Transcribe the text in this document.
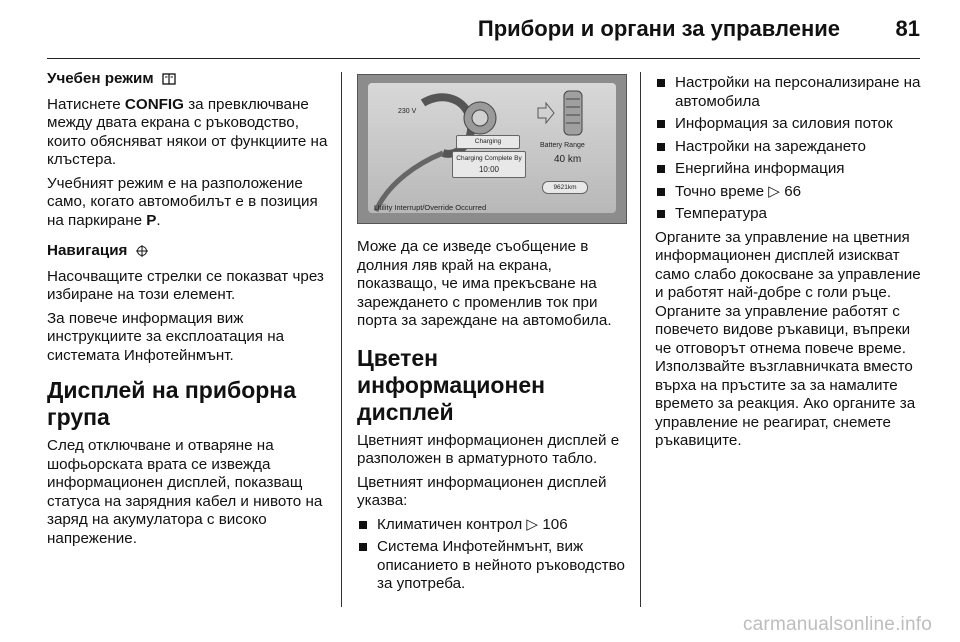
Прибори и органи за управление	81

Учебен режим

Натиснете CONFIG за превключване между двата екрана с ръководство, които обясняват някои от функциите на клъстера.

Учебният режим е на разположение само, когато автомобилът е в позиция на паркиране P.

Навигация

Насочващите стрелки се показват чрез избиране на този елемент.

За повече информация виж инструкциите за експлоатация на системата Инфотейнмънт.

Дисплей на приборна група

След отключване и отваряне на шофьорската врата се извежда информационен дисплей, показващ статуса на зарядния кабел и нивото на заряд на акумулатора с високо напрежение.

230 V
Charging
Charging Complete By
10:00
Battery Range
40 km
9621km
Utility Interrupt/Override Occurred

Може да се изведе съобщение в долния ляв край на екрана, показващо, че има прекъсване на зареждането с променлив ток при порта за зареждане на автомобила.

Цветен информационен дисплей

Цветният информационен дисплей е разположен в арматурното табло.

Цветният информационен дисплей указва:

Климатичен контрол ▷ 106
Система Инфотейнмънт, виж описанието в нейното ръководство за употреба.
Настройки на персонализиране на автомобила
Информация за силовия поток
Настройки на зареждането
Енергийна информация
Точно време ▷ 66
Температура

Органите за управление на цветния информационен дисплей изискват само слабо докосване за управление и работят най-добре с голи ръце. Органите за управление работят с повечето видове ръкавици, въпреки че отговорът отнема повече време. Използвайте възглавничката вместо върха на пръстите за за намалите времето за реакция. Ако органите за управление не реагират, снемете ръкавиците.

carmanualsonline.info
